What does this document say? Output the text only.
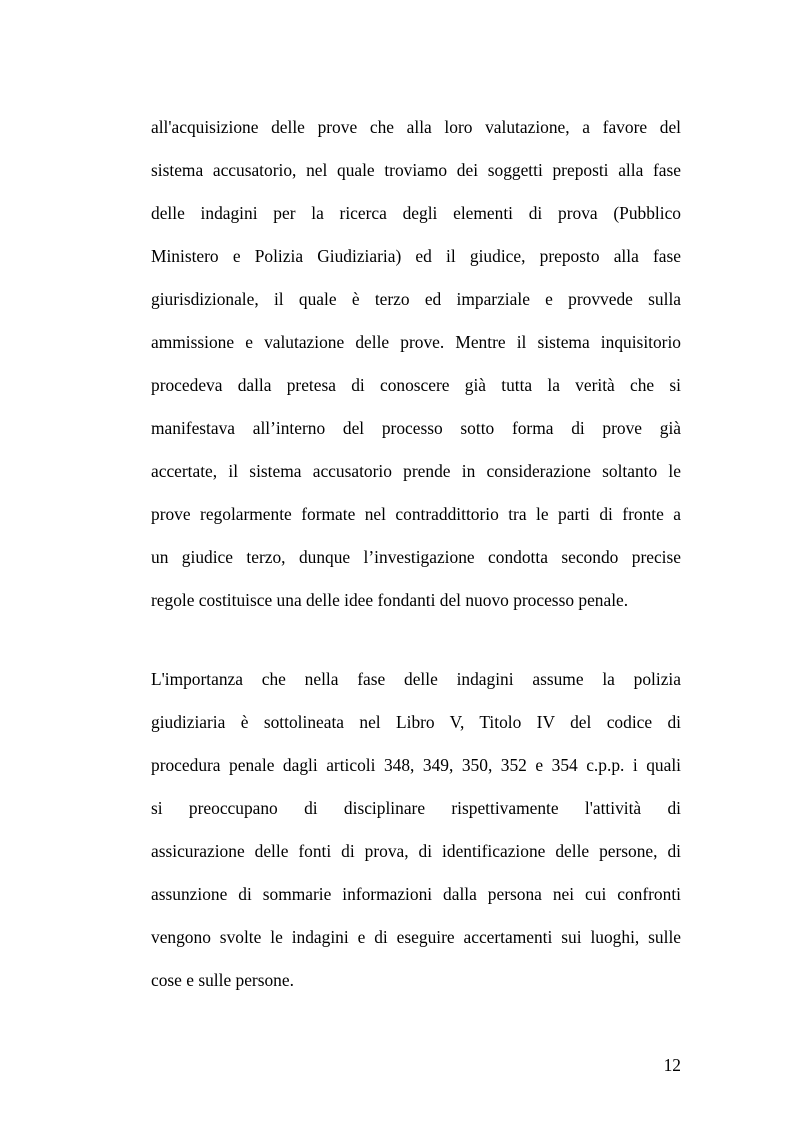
all'acquisizione delle prove che alla loro valutazione, a favore del
sistema accusatorio, nel quale troviamo dei soggetti preposti alla fase
delle indagini per la ricerca degli elementi di prova (Pubblico
Ministero e Polizia Giudiziaria) ed il giudice, preposto alla fase
giurisdizionale, il quale è terzo ed imparziale e provvede sulla
ammissione e valutazione delle prove. Mentre il sistema inquisitorio
procedeva dalla pretesa di conoscere già tutta la verità che si
manifestava all’interno del processo sotto forma di prove già
accertate, il sistema accusatorio prende in considerazione soltanto le
prove regolarmente formate nel contraddittorio tra le parti di fronte a
un giudice terzo, dunque l’investigazione condotta secondo precise
regole costituisce una delle idee fondanti del nuovo processo penale.
L'importanza che nella fase delle indagini assume la polizia
giudiziaria è sottolineata nel Libro V, Titolo IV del codice di
procedura penale dagli articoli 348, 349, 350, 352 e 354 c.p.p. i quali
si preoccupano di disciplinare rispettivamente l'attività di
assicurazione delle fonti di prova, di identificazione delle persone, di
assunzione di sommarie informazioni dalla persona nei cui confronti
vengono svolte le indagini e di eseguire accertamenti sui luoghi, sulle
cose e sulle persone.
12
